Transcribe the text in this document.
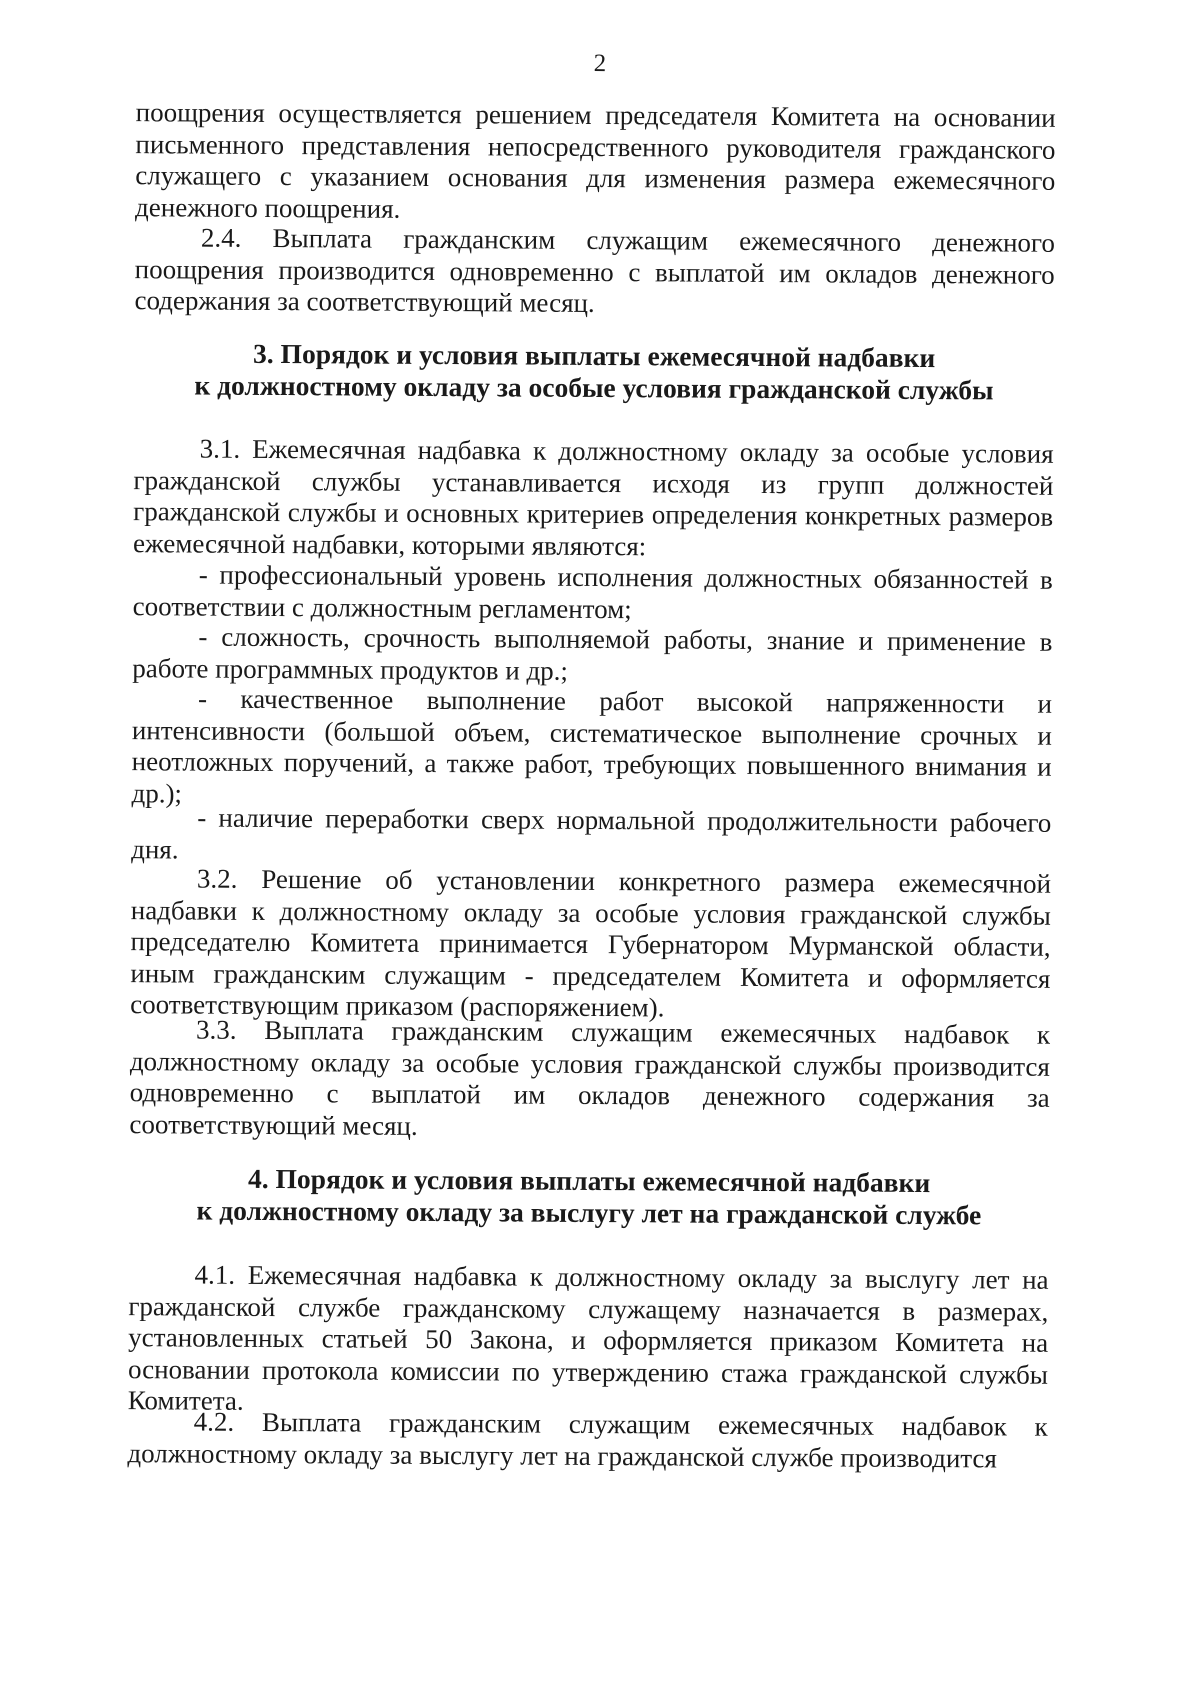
2

поощрения осуществляется решением председателя Комитета на основании письменного представления непосредственного руководителя гражданского служащего с указанием основания для изменения размера ежемесячного денежного поощрения.

2.4. Выплата гражданским служащим ежемесячного денежного поощрения производится одновременно с выплатой им окладов денежного содержания за соответствующий месяц.

3. Порядок и условия выплаты ежемесячной надбавки
к должностному окладу за особые условия гражданской службы

3.1. Ежемесячная надбавка к должностному окладу за особые условия гражданской службы устанавливается исходя из групп должностей гражданской службы и основных критериев определения конкретных размеров ежемесячной надбавки, которыми являются:

- профессиональный уровень исполнения должностных обязанностей в соответствии с должностным регламентом;

- сложность, срочность выполняемой работы, знание и применение в работе программных продуктов и др.;

- качественное выполнение работ высокой напряженности и интенсивности (большой объем, систематическое выполнение срочных и неотложных поручений, а также работ, требующих повышенного внимания и др.);

- наличие переработки сверх нормальной продолжительности рабочего дня.

3.2. Решение об установлении конкретного размера ежемесячной надбавки к должностному окладу за особые условия гражданской службы председателю Комитета принимается Губернатором Мурманской области, иным гражданским служащим - председателем Комитета и оформляется соответствующим приказом (распоряжением).

3.3. Выплата гражданским служащим ежемесячных надбавок к должностному окладу за особые условия гражданской службы производится одновременно с выплатой им окладов денежного содержания за соответствующий месяц.

4. Порядок и условия выплаты ежемесячной надбавки
к должностному окладу за выслугу лет на гражданской службе

4.1. Ежемесячная надбавка к должностному окладу за выслугу лет на гражданской службе гражданскому служащему назначается в размерах, установленных статьей 50 Закона, и оформляется приказом Комитета на основании протокола комиссии по утверждению стажа гражданской службы Комитета.

4.2. Выплата гражданским служащим ежемесячных надбавок к должностному окладу за выслугу лет на гражданской службе производится
